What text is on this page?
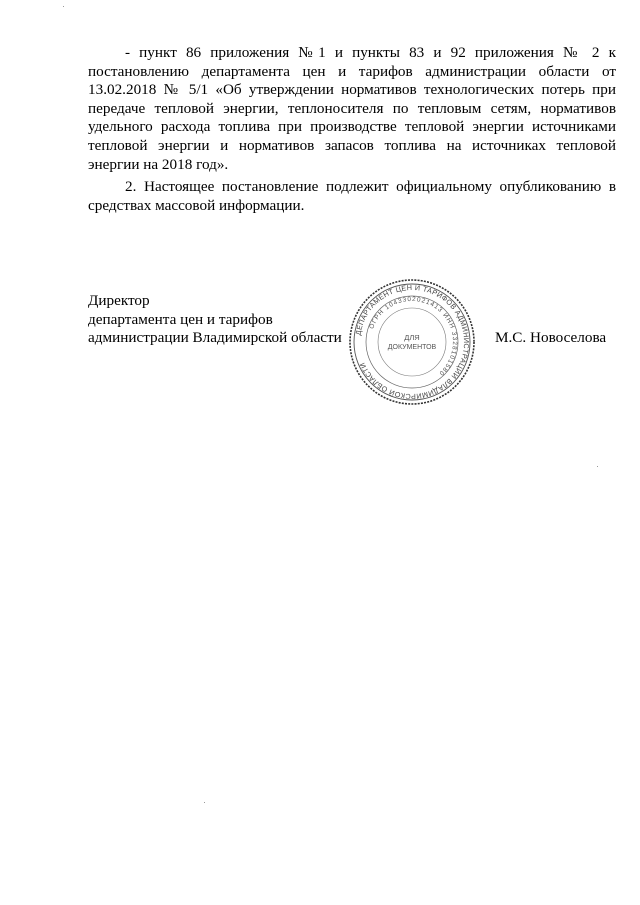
- пункт 86 приложения №1 и пункты 83 и 92 приложения № 2 к постановлению департамента цен и тарифов администрации области от 13.02.2018 № 5/1 «Об утверждении нормативов технологических потерь при передаче тепловой энергии, теплоносителя по тепловым сетям, нормативов удельного расхода топлива при производстве тепловой энергии источниками тепловой энергии и нормативов запасов топлива на источниках тепловой энергии на 2018 год».

2. Настоящее постановление подлежит официальному опубликованию в средствах массовой информации.

Директор
департамента цен и тарифов
администрации Владимирской области	М.С. Новоселова
ДЕПАРТАМЕНТ ЦЕН И ТАРИФОВ АДМИНИСТРАЦИИ ВЛАДИМИРСКОЙ ОБЛАСТИ
ОГРН 1043302021413 ИНН 3328101580
ДЛЯ
ДОКУМЕНТОВ
